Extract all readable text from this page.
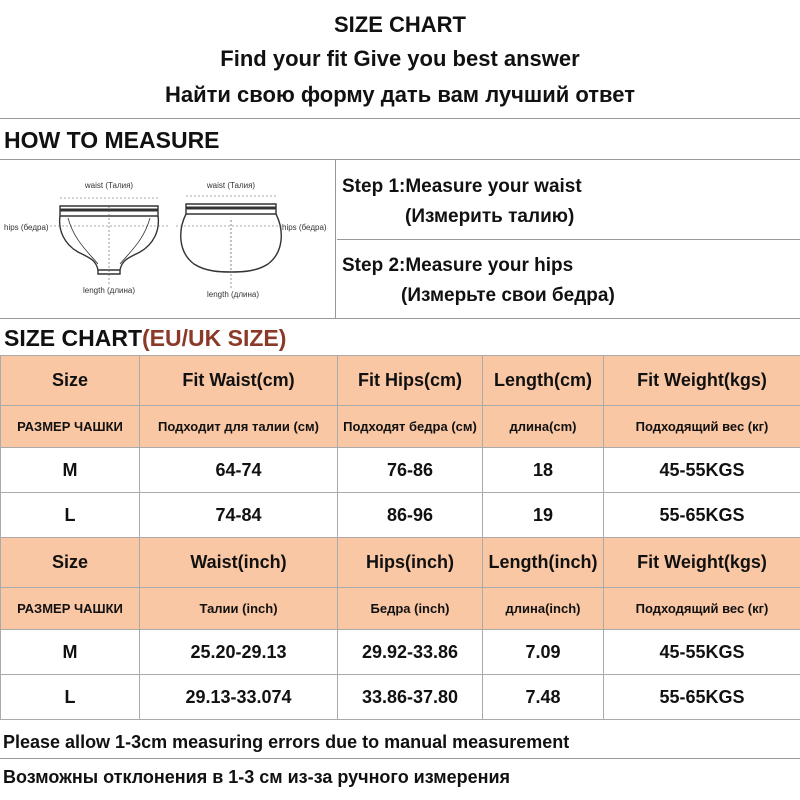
SIZE CHART
Find your fit Give you best answer
Найти свою форму дать вам лучший ответ
HOW TO MEASURE
waist (Талия)
hips (бедра)
length (длина)
waist (Талия)
hips (бедра)
length (длина)
Step 1:Measure your waist
(Измерить талию)
Step 2:Measure your hips
(Измерьте свои бедра)
SIZE CHART(EU/UK SIZE)
Size	Fit Waist(cm)	Fit Hips(cm)	Length(cm)	Fit Weight(kgs)
РАЗМЕР ЧАШКИ	Подходит для талии (см)	Подходят бедра (см)	длина(cm)	Подходящий вес (кг)
M	64-74	76-86	18	45-55KGS
L	74-84	86-96	19	55-65KGS
Size	Waist(inch)	Hips(inch)	Length(inch)	Fit Weight(kgs)
РАЗМЕР ЧАШКИ	Талии (inch)	Бедра (inch)	длина(inch)	Подходящий вес (кг)
M	25.20-29.13	29.92-33.86	7.09	45-55KGS
L	29.13-33.074	33.86-37.80	7.48	55-65KGS
Please allow 1-3cm measuring errors due to manual measurement
Возможны отклонения в 1-3 см из-за ручного измерения
